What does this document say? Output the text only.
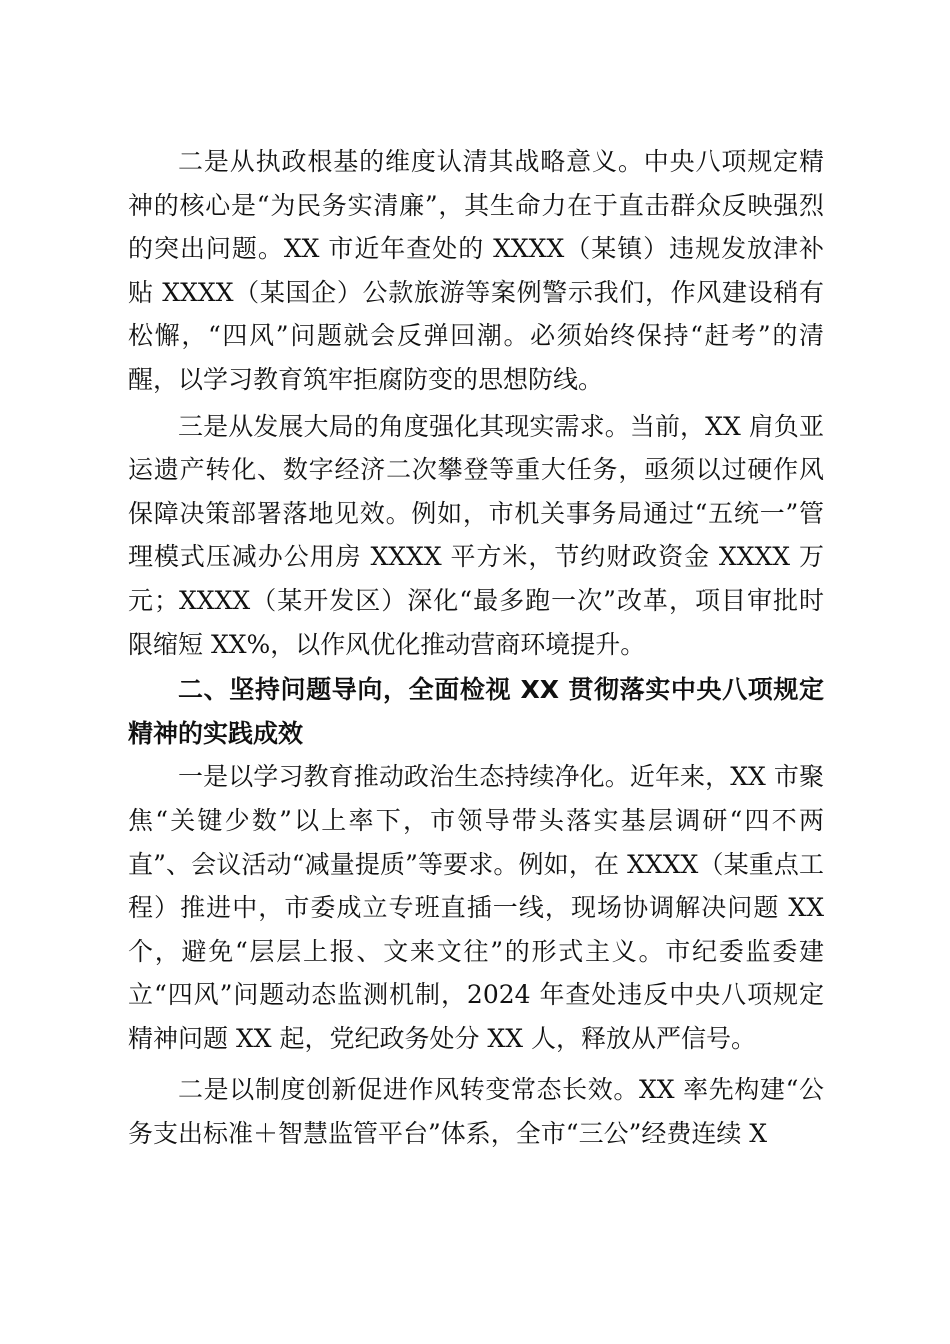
二是从执政根基的维度认清其战略意义。中央八项规定精神的核心是“为民务实清廉”，其生命力在于直击群众反映强烈的突出问题。XX 市近年查处的 XXXX（某镇）违规发放津补贴 XXXX（某国企）公款旅游等案例警示我们，作风建设稍有松懈，“四风”问题就会反弹回潮。必须始终保持“赶考”的清醒，以学习教育筑牢拒腐防变的思想防线。

三是从发展大局的角度强化其现实需求。当前，XX 肩负亚运遗产转化、数字经济二次攀登等重大任务，亟须以过硬作风保障决策部署落地见效。例如，市机关事务局通过“五统一”管理模式压减办公用房 XXXX 平方米，节约财政资金 XXXX 万元；XXXX（某开发区）深化“最多跑一次”改革，项目审批时限缩短 XX%，以作风优化推动营商环境提升。

二、坚持问题导向，全面检视 XX 贯彻落实中央八项规定精神的实践成效

一是以学习教育推动政治生态持续净化。近年来，XX 市聚焦“关键少数”以上率下，市领导带头落实基层调研“四不两直”、会议活动“减量提质”等要求。例如，在 XXXX（某重点工程）推进中，市委成立专班直插一线，现场协调解决问题 XX 个，避免“层层上报、文来文往”的形式主义。市纪委监委建立“四风”问题动态监测机制，2024 年查处违反中央八项规定精神问题 XX 起，党纪政务处分 XX 人，释放从严信号。

二是以制度创新促进作风转变常态长效。XX 率先构建“公务支出标准＋智慧监管平台”体系，全市“三公”经费连续 X
